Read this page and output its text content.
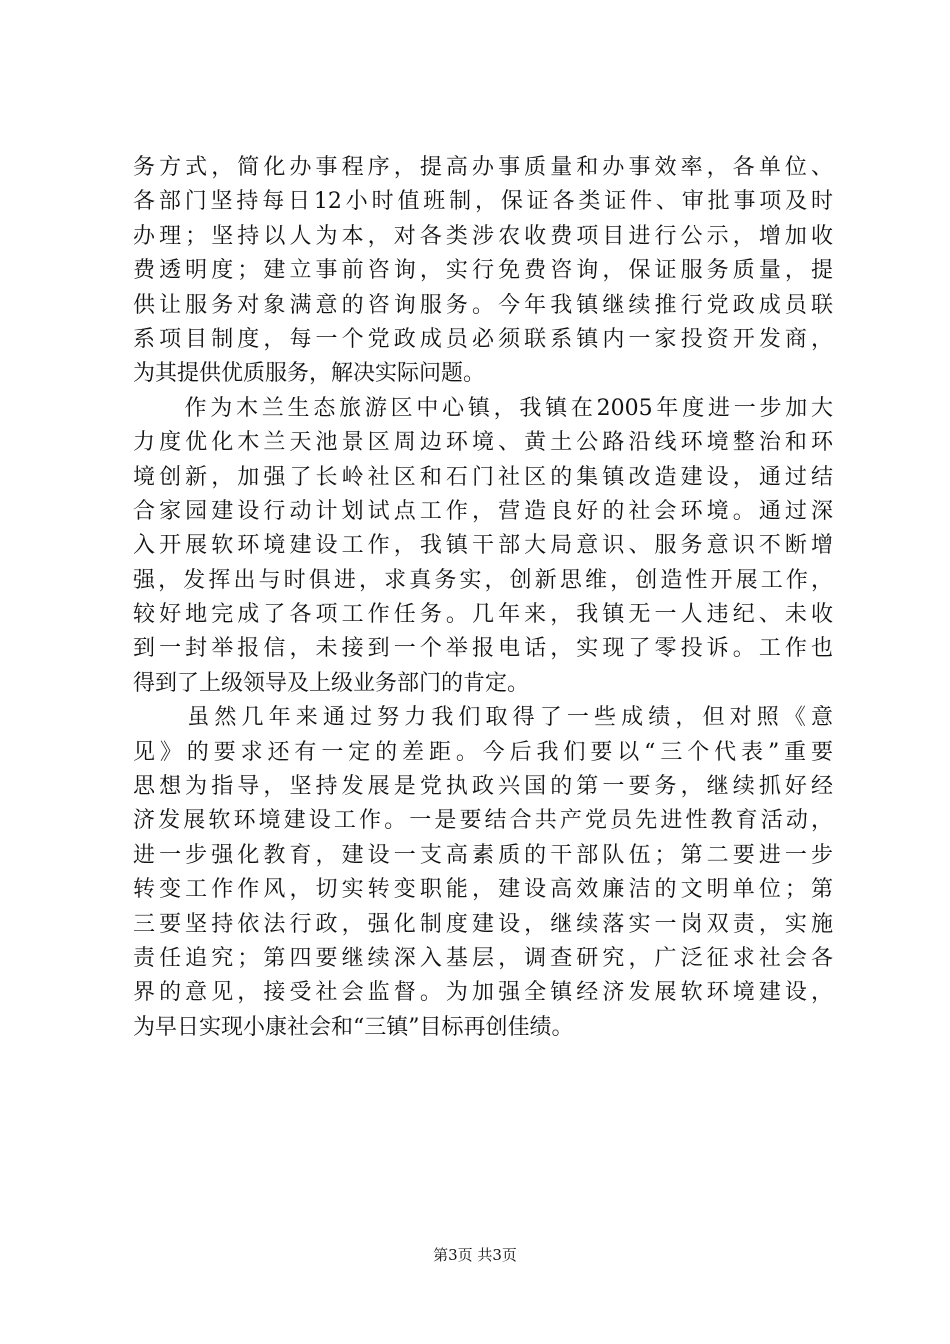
务方式，简化办事程序，提高办事质量和办事效率，各单位、
各部门坚持每日12小时值班制，保证各类证件、审批事项及时
办理；坚持以人为本，对各类涉农收费项目进行公示，增加收
费透明度；建立事前咨询，实行免费咨询，保证服务质量，提
供让服务对象满意的咨询服务。今年我镇继续推行党政成员联
系项目制度，每一个党政成员必须联系镇内一家投资开发商，
为其提供优质服务，解决实际问题。
　　作为木兰生态旅游区中心镇，我镇在2005年度进一步加大
力度优化木兰天池景区周边环境、黄土公路沿线环境整治和环
境创新，加强了长岭社区和石门社区的集镇改造建设，通过结
合家园建设行动计划试点工作，营造良好的社会环境。通过深
入开展软环境建设工作，我镇干部大局意识、服务意识不断增
强，发挥出与时俱进，求真务实，创新思维，创造性开展工作，
较好地完成了各项工作任务。几年来，我镇无一人违纪、未收
到一封举报信，未接到一个举报电话，实现了零投诉。工作也
得到了上级领导及上级业务部门的肯定。
　　虽然几年来通过努力我们取得了一些成绩，但对照《意
见》的要求还有一定的差距。今后我们要以“三个代表”重要
思想为指导，坚持发展是党执政兴国的第一要务，继续抓好经
济发展软环境建设工作。一是要结合共产党员先进性教育活动，
进一步强化教育，建设一支高素质的干部队伍；第二要进一步
转变工作作风，切实转变职能，建设高效廉洁的文明单位；第
三要坚持依法行政，强化制度建设，继续落实一岗双责，实施
责任追究；第四要继续深入基层，调查研究，广泛征求社会各
界的意见，接受社会监督。为加强全镇经济发展软环境建设，
为早日实现小康社会和“三镇”目标再创佳绩。
第3页 共3页
